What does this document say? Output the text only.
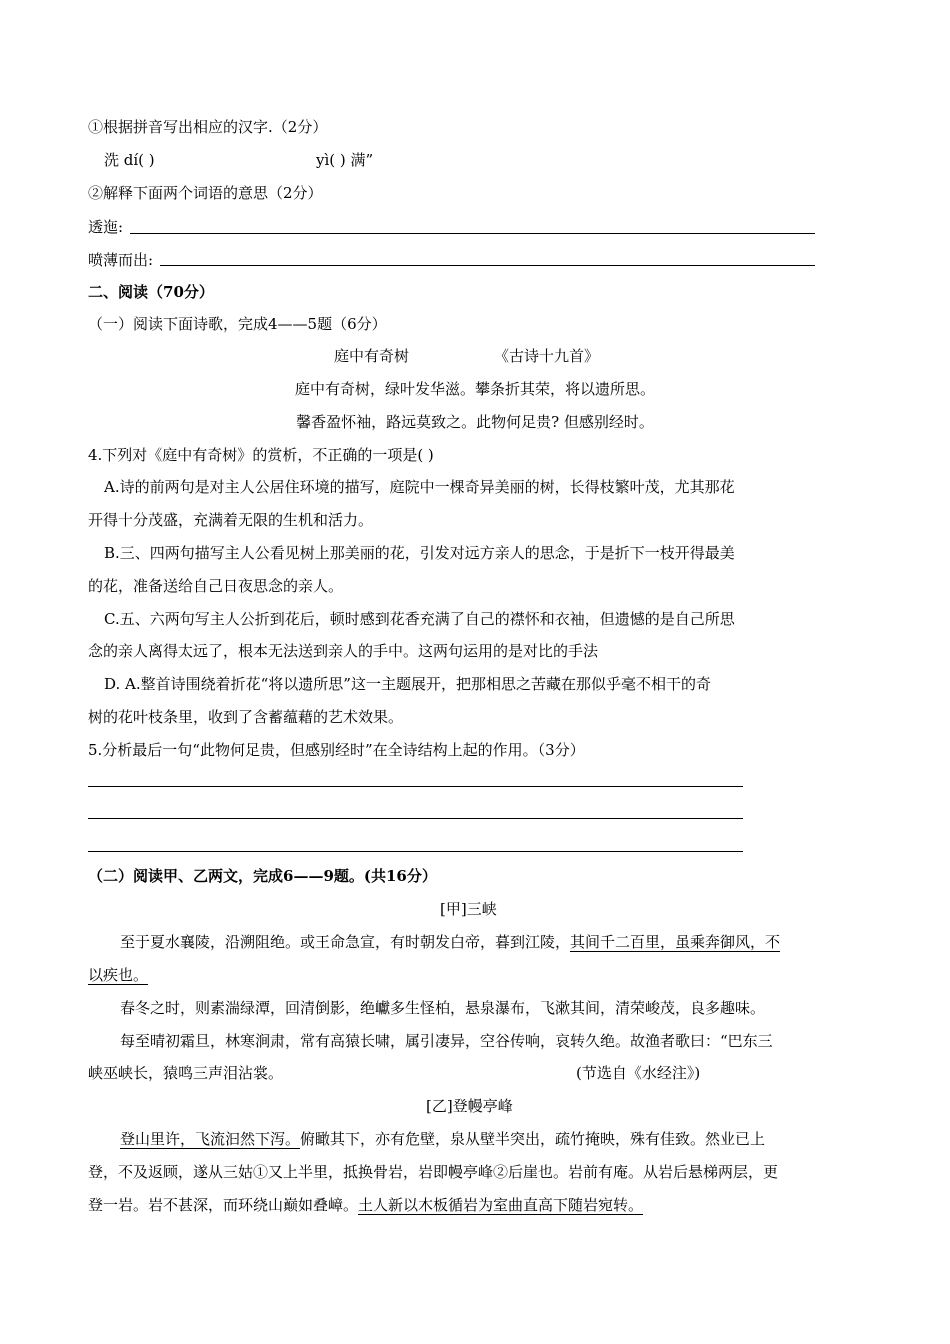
①根据拼音写出相应的汉字.（2分）
洗 dí( )	yì( ) 满”
②解释下面两个词语的意思（2分）
透迤:
喷薄而出:
二、阅读（70分）
（一）阅读下面诗歌，完成4——5题（6分）
庭中有奇树	《古诗十九首》
庭中有奇树，绿叶发华滋。攀条折其荣，将以遗所思。
馨香盈怀袖，路远莫致之。此物何足贵? 但感别经时。
4.下列对《庭中有奇树》的赏析，不正确的一项是( )
A.诗的前两句是对主人公居住环境的描写，庭院中一棵奇异美丽的树，长得枝繁叶茂，尤其那花
开得十分茂盛，充满着无限的生机和活力。
B.三、四两句描写主人公看见树上那美丽的花，引发对远方亲人的思念，于是折下一枝开得最美
的花，准备送给自己日夜思念的亲人。
C.五、六两句写主人公折到花后，顿时感到花香充满了自己的襟怀和衣袖，但遗憾的是自己所思
念的亲人离得太远了，根本无法送到亲人的手中。这两句运用的是对比的手法
D. A.整首诗围绕着折花“将以遗所思”这一主题展开，把那相思之苦藏在那似乎毫不相干的奇
树的花叶枝条里，收到了含蓄蕴藉的艺术效果。
5.分析最后一句“此物何足贵，但感别经时”在全诗结构上起的作用。（3分）
（二）阅读甲、乙两文，完成6——9题。(共16分）
[甲]三峡
至于夏水襄陵，沿溯阻绝。或王命急宣，有时朝发白帝，暮到江陵，其间千二百里，虽乘奔御风，不
以疾也。
春冬之时，则素湍绿潭，回清倒影，绝巘多生怪柏，悬泉瀑布，飞漱其间，清荣峻茂，良多趣味。
每至晴初霜旦，林寒涧肃，常有高猿长啸，属引凄异，空谷传响，哀转久绝。故渔者歌曰：“巴东三
峡巫峡长，猿鸣三声泪沾裳。	(节选自《水经注》)
[乙]登幔亭峰
登山里许，飞流汩然下泻。俯瞰其下，亦有危壁，泉从壁半突出，疏竹掩映，殊有佳致。然业已上
登，不及返顾，遂从三姑①又上半里，抵换骨岩，岩即幔亭峰②后崖也。岩前有庵。从岩后悬梯两层，更
登一岩。岩不甚深，而环绕山巅如叠嶂。土人新以木板循岩为室曲直高下随岩宛转。
